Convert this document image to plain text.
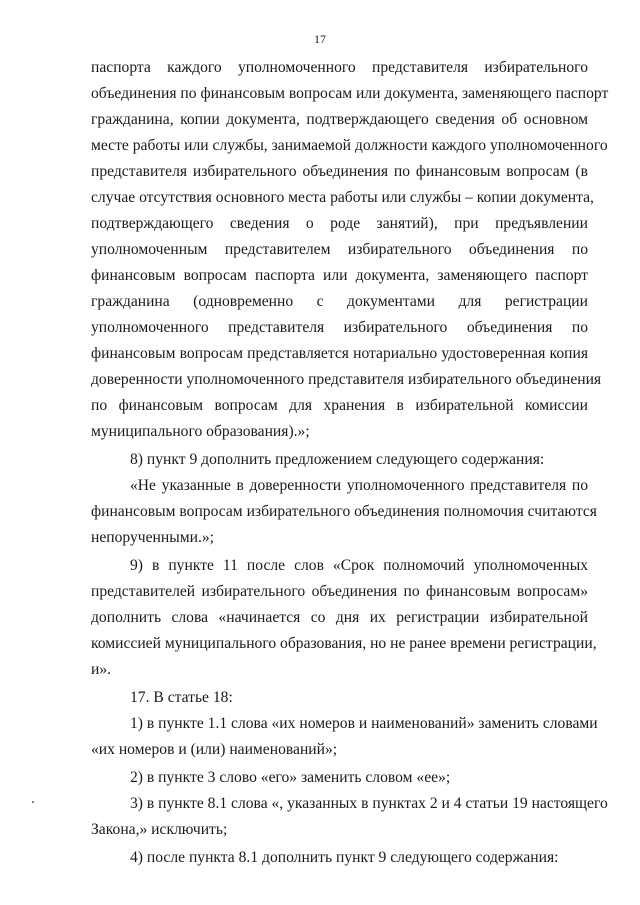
17
паспорта каждого уполномоченного представителя избирательного
объединения по финансовым вопросам или документа, заменяющего паспорт
гражданина, копии документа, подтверждающего сведения об основном
месте работы или службы, занимаемой должности каждого уполномоченного
представителя избирательного объединения по финансовым вопросам (в
случае отсутствия основного места работы или службы – копии документа,
подтверждающего сведения о роде занятий), при предъявлении
уполномоченным представителем избирательного объединения по
финансовым вопросам паспорта или документа, заменяющего паспорт
гражданина (одновременно с документами для регистрации
уполномоченного представителя избирательного объединения по
финансовым вопросам представляется нотариально удостоверенная копия
доверенности уполномоченного представителя избирательного объединения
по финансовым вопросам для хранения в избирательной комиссии
муниципального образования).»;
8) пункт 9 дополнить предложением следующего содержания:
«Не указанные в доверенности уполномоченного представителя по
финансовым вопросам избирательного объединения полномочия считаются
непорученными.»;
9) в пункте 11 после слов «Срок полномочий уполномоченных
представителей избирательного объединения по финансовым вопросам»
дополнить слова «начинается со дня их регистрации избирательной
комиссией муниципального образования, но не ранее времени регистрации,
и».
17. В статье 18:
1) в пункте 1.1 слова «их номеров и наименований» заменить словами
«их номеров и (или) наименований»;
2) в пункте 3 слово «его» заменить словом «ее»;
3) в пункте 8.1 слова «, указанных в пунктах 2 и 4 статьи 19 настоящего
Закона,» исключить;
4) после пункта 8.1 дополнить пункт 9 следующего содержания:
